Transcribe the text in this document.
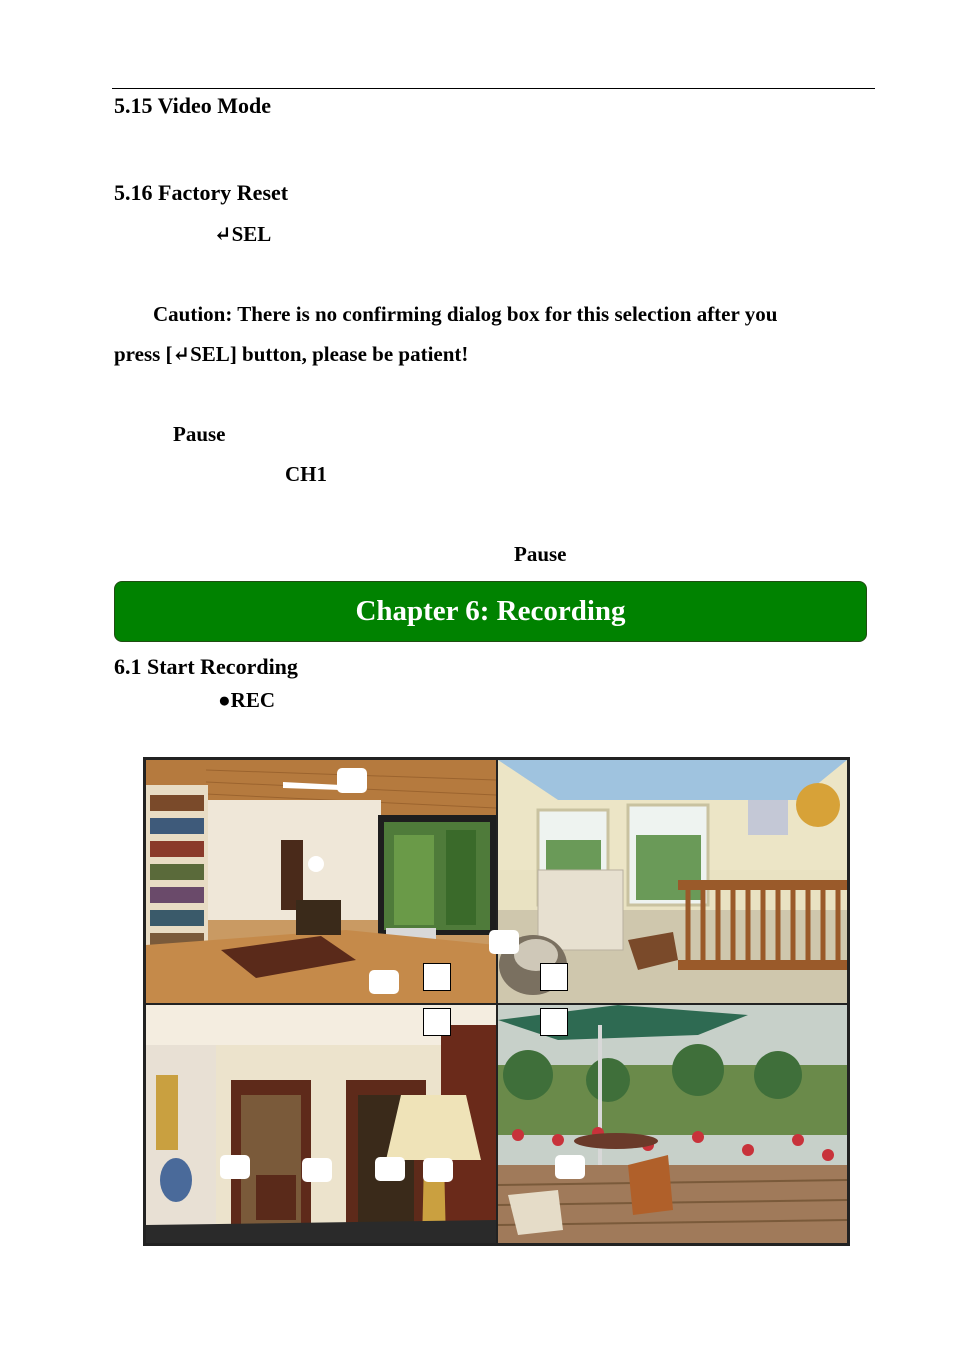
5.15 Video Mode
5.16 Factory Reset
↵SEL
Caution: There is no confirming dialog box for this selection after you
press [↵SEL] button, please be patient!
Pause
CH1
Pause
Chapter 6: Recording
6.1 Start Recording
●REC
